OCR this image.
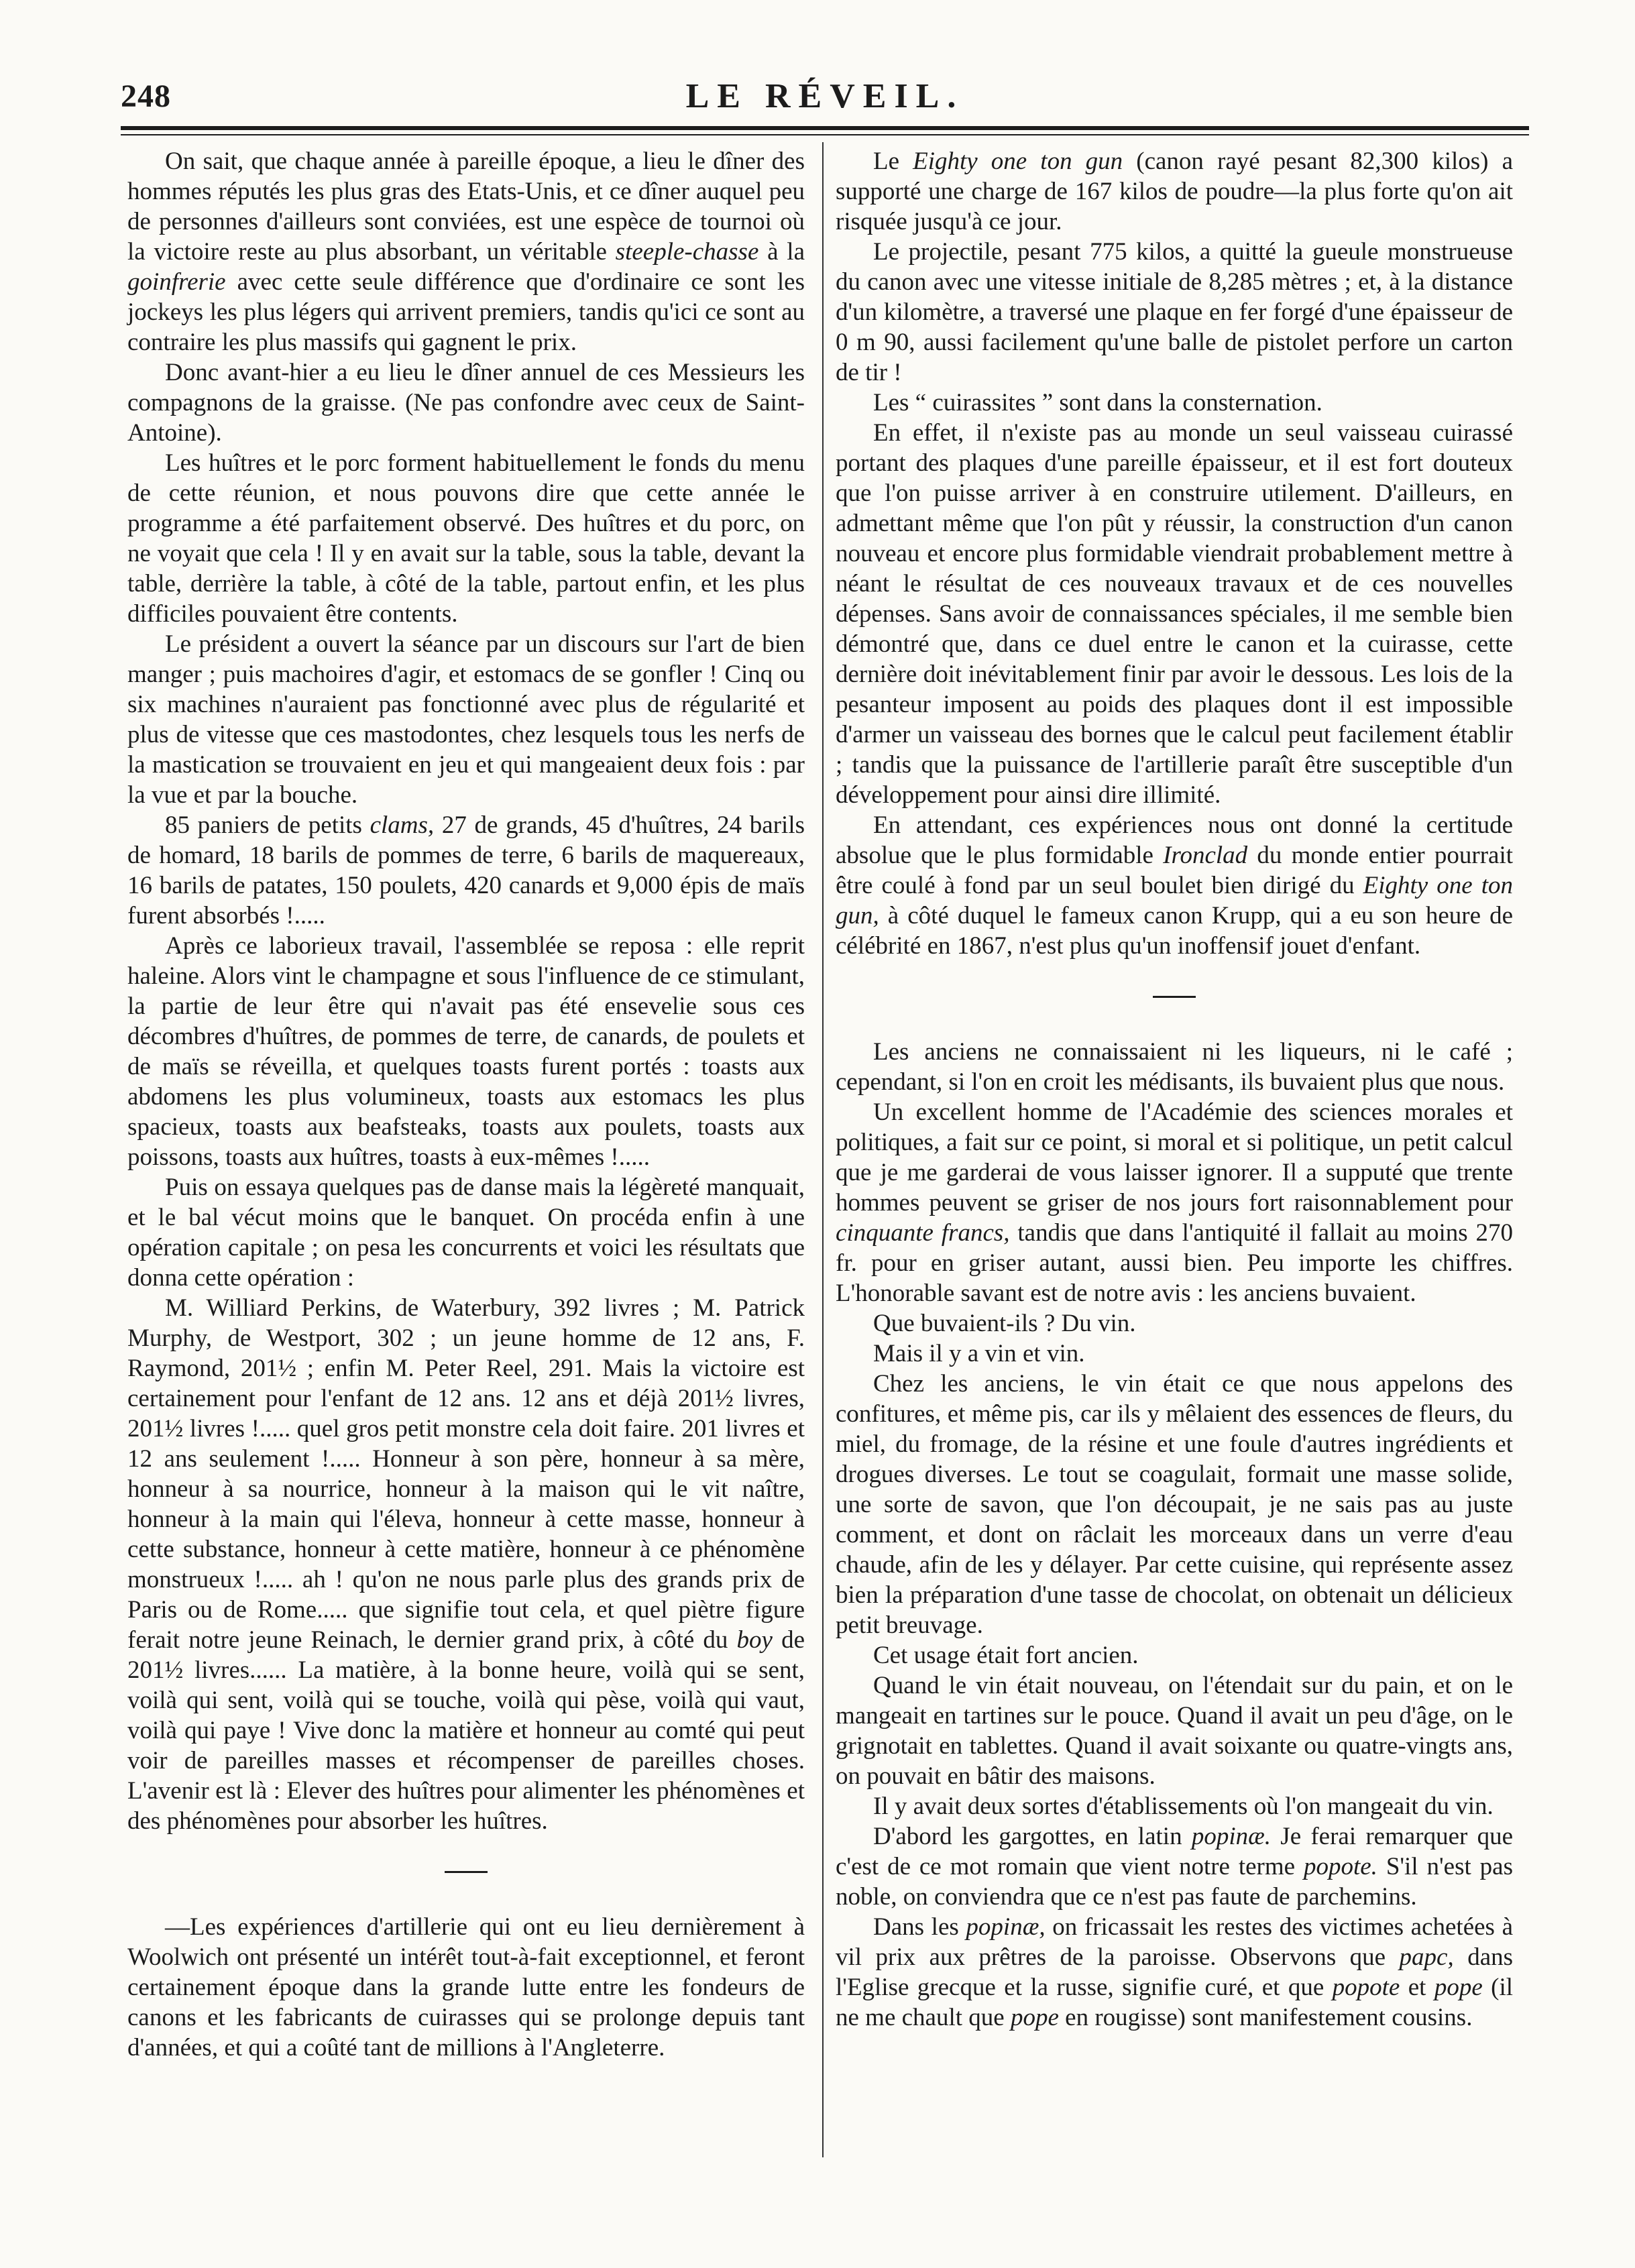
248	LE RÉVEIL.

On sait, que chaque année à pareille époque, a lieu le dîner des hommes réputés les plus gras des Etats-Unis, et ce dîner auquel peu de personnes d'ailleurs sont conviées, est une espèce de tournoi où la victoire reste au plus absorbant, un véritable steeple-chasse à la goinfrerie avec cette seule différence que d'ordinaire ce sont les jockeys les plus légers qui arrivent premiers, tandis qu'ici ce sont au contraire les plus massifs qui gagnent le prix.

Donc avant-hier a eu lieu le dîner annuel de ces Messieurs les compagnons de la graisse. (Ne pas confondre avec ceux de Saint-Antoine).

Les huîtres et le porc forment habituellement le fonds du menu de cette réunion, et nous pouvons dire que cette année le programme a été parfaitement observé. Des huîtres et du porc, on ne voyait que cela ! Il y en avait sur la table, sous la table, devant la table, derrière la table, à côté de la table, partout enfin, et les plus difficiles pouvaient être contents.

Le président a ouvert la séance par un discours sur l'art de bien manger ; puis machoires d'agir, et estomacs de se gonfler ! Cinq ou six machines n'auraient pas fonctionné avec plus de régularité et plus de vitesse que ces mastodontes, chez lesquels tous les nerfs de la mastication se trouvaient en jeu et qui mangeaient deux fois : par la vue et par la bouche.

85 paniers de petits clams, 27 de grands, 45 d'huîtres, 24 barils de homard, 18 barils de pommes de terre, 6 barils de maquereaux, 16 barils de patates, 150 poulets, 420 canards et 9,000 épis de maïs furent absorbés !.....

Après ce laborieux travail, l'assemblée se reposa : elle reprit haleine. Alors vint le champagne et sous l'influence de ce stimulant, la partie de leur être qui n'avait pas été ensevelie sous ces décombres d'huîtres, de pommes de terre, de canards, de poulets et de maïs se réveilla, et quelques toasts furent portés : toasts aux abdomens les plus volumineux, toasts aux estomacs les plus spacieux, toasts aux beafsteaks, toasts aux poulets, toasts aux poissons, toasts aux huîtres, toasts à eux-mêmes !.....

Puis on essaya quelques pas de danse mais la légèreté manquait, et le bal vécut moins que le banquet. On procéda enfin à une opération capitale ; on pesa les concurrents et voici les résultats que donna cette opération :

M. Williard Perkins, de Waterbury, 392 livres ; M. Patrick Murphy, de Westport, 302 ; un jeune homme de 12 ans, F. Raymond, 201½ ; enfin M. Peter Reel, 291. Mais la victoire est certainement pour l'enfant de 12 ans. 12 ans et déjà 201½ livres, 201½ livres !..... quel gros petit monstre cela doit faire. 201 livres et 12 ans seulement !..... Honneur à son père, honneur à sa mère, honneur à sa nourrice, honneur à la maison qui le vit naître, honneur à la main qui l'éleva, honneur à cette masse, honneur à cette substance, honneur à cette matière, honneur à ce phénomène monstrueux !..... ah ! qu'on ne nous parle plus des grands prix de Paris ou de Rome..... que signifie tout cela, et quel piètre figure ferait notre jeune Reinach, le dernier grand prix, à côté du boy de 201½ livres...... La matière, à la bonne heure, voilà qui se sent, voilà qui sent, voilà qui se touche, voilà qui pèse, voilà qui vaut, voilà qui paye ! Vive donc la matière et honneur au comté qui peut voir de pareilles masses et récompenser de pareilles choses. L'avenir est là : Elever des huîtres pour alimenter les phénomènes et des phénomènes pour absorber les huîtres.

—Les expériences d'artillerie qui ont eu lieu dernièrement à Woolwich ont présenté un intérêt tout-à-fait exceptionnel, et feront certainement époque dans la grande lutte entre les fondeurs de canons et les fabricants de cuirasses qui se prolonge depuis tant d'années, et qui a coûté tant de millions à l'Angleterre.

Le Eighty one ton gun (canon rayé pesant 82,300 kilos) a supporté une charge de 167 kilos de poudre—la plus forte qu'on ait risquée jusqu'à ce jour.

Le projectile, pesant 775 kilos, a quitté la gueule monstrueuse du canon avec une vitesse initiale de 8,285 mètres ; et, à la distance d'un kilomètre, a traversé une plaque en fer forgé d'une épaisseur de 0 m 90, aussi facilement qu'une balle de pistolet perfore un carton de tir !

Les “ cuirassites ” sont dans la consternation.

En effet, il n'existe pas au monde un seul vaisseau cuirassé portant des plaques d'une pareille épaisseur, et il est fort douteux que l'on puisse arriver à en construire utilement. D'ailleurs, en admettant même que l'on pût y réussir, la construction d'un canon nouveau et encore plus formidable viendrait probablement mettre à néant le résultat de ces nouveaux travaux et de ces nouvelles dépenses. Sans avoir de connaissances spéciales, il me semble bien démontré que, dans ce duel entre le canon et la cuirasse, cette dernière doit inévitablement finir par avoir le dessous. Les lois de la pesanteur imposent au poids des plaques dont il est impossible d'armer un vaisseau des bornes que le calcul peut facilement établir ; tandis que la puissance de l'artillerie paraît être susceptible d'un développement pour ainsi dire illimité.

En attendant, ces expériences nous ont donné la certitude absolue que le plus formidable Ironclad du monde entier pourrait être coulé à fond par un seul boulet bien dirigé du Eighty one ton gun, à côté duquel le fameux canon Krupp, qui a eu son heure de célébrité en 1867, n'est plus qu'un inoffensif jouet d'enfant.

Les anciens ne connaissaient ni les liqueurs, ni le café ; cependant, si l'on en croit les médisants, ils buvaient plus que nous.

Un excellent homme de l'Académie des sciences morales et politiques, a fait sur ce point, si moral et si politique, un petit calcul que je me garderai de vous laisser ignorer. Il a supputé que trente hommes peuvent se griser de nos jours fort raisonnablement pour cinquante francs, tandis que dans l'antiquité il fallait au moins 270 fr. pour en griser autant, aussi bien. Peu importe les chiffres. L'honorable savant est de notre avis : les anciens buvaient.

Que buvaient-ils ? Du vin.

Mais il y a vin et vin.

Chez les anciens, le vin était ce que nous appelons des confitures, et même pis, car ils y mêlaient des essences de fleurs, du miel, du fromage, de la résine et une foule d'autres ingrédients et drogues diverses. Le tout se coagulait, formait une masse solide, une sorte de savon, que l'on découpait, je ne sais pas au juste comment, et dont on râclait les morceaux dans un verre d'eau chaude, afin de les y délayer. Par cette cuisine, qui représente assez bien la préparation d'une tasse de chocolat, on obtenait un délicieux petit breuvage.

Cet usage était fort ancien.

Quand le vin était nouveau, on l'étendait sur du pain, et on le mangeait en tartines sur le pouce. Quand il avait un peu d'âge, on le grignotait en tablettes. Quand il avait soixante ou quatre-vingts ans, on pouvait en bâtir des maisons.

Il y avait deux sortes d'établissements où l'on mangeait du vin.

D'abord les gargottes, en latin popinæ. Je ferai remarquer que c'est de ce mot romain que vient notre terme popote. S'il n'est pas noble, on conviendra que ce n'est pas faute de parchemins.

Dans les popinæ, on fricassait les restes des victimes achetées à vil prix aux prêtres de la paroisse. Observons que papc, dans l'Eglise grecque et la russe, signifie curé, et que popote et pope (il ne me chault que pope en rougisse) sont manifestement cousins.
